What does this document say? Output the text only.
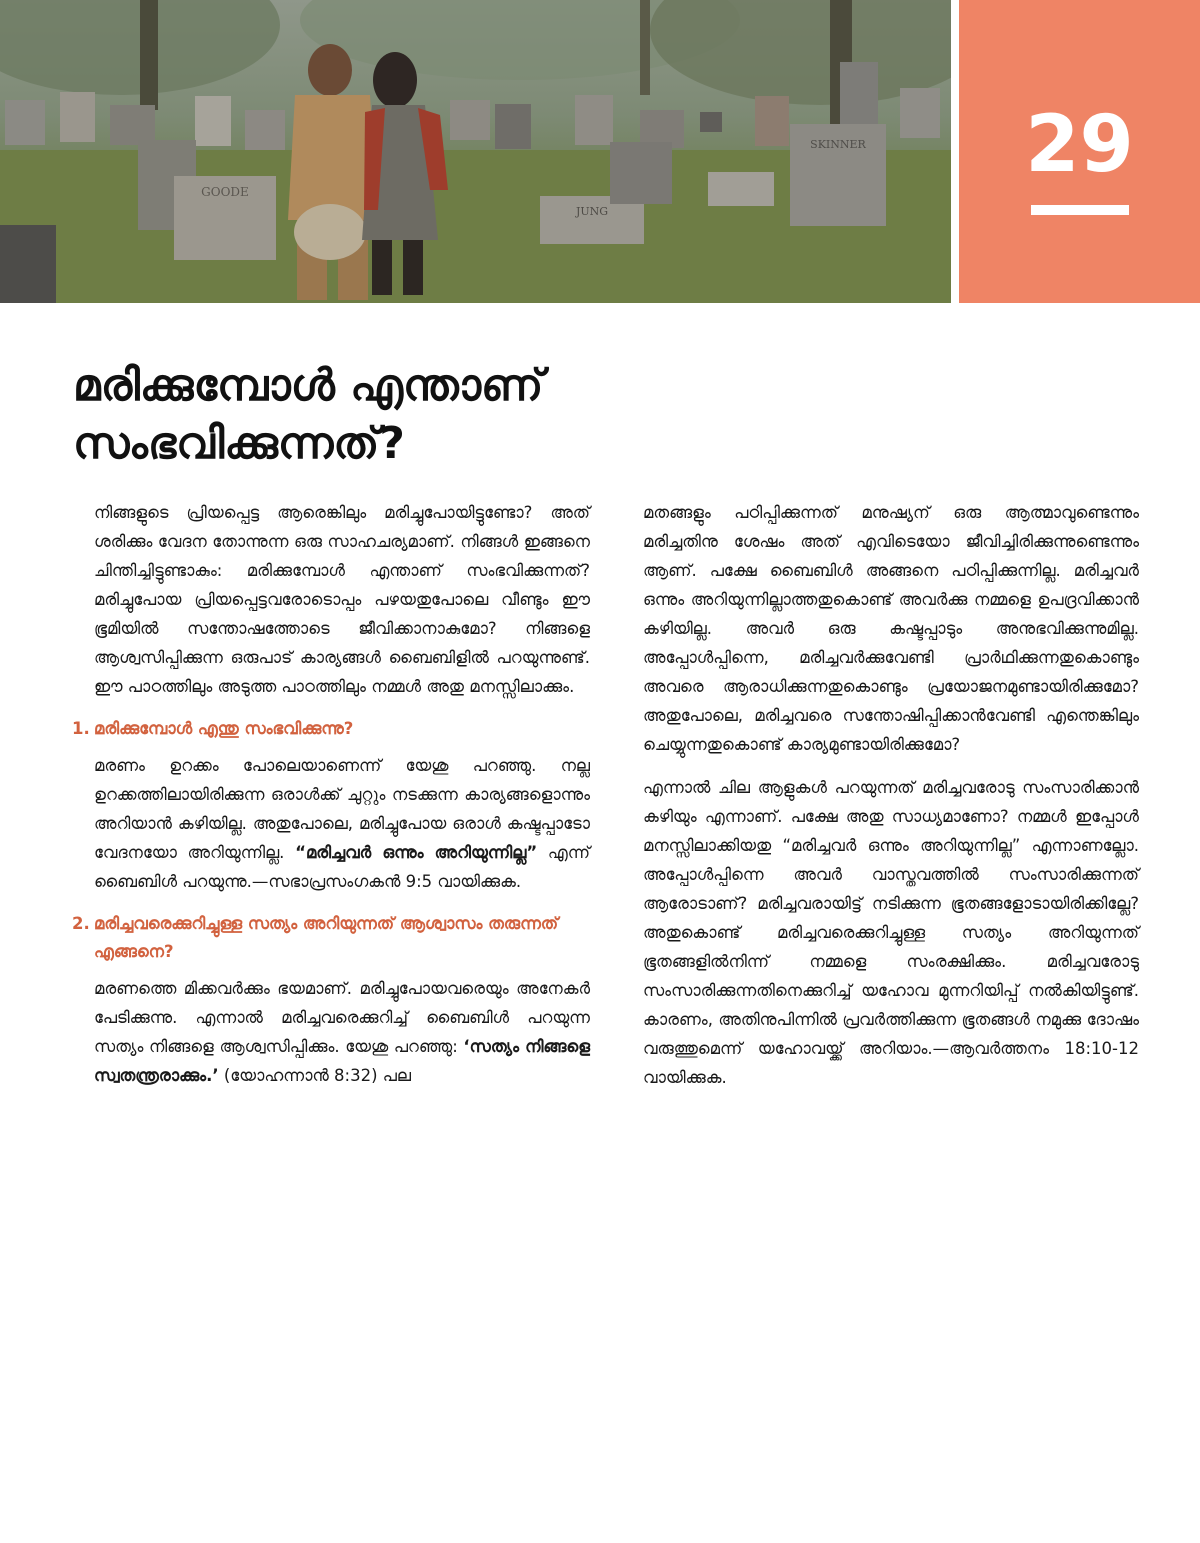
GOODE
JUNG
SKINNER	29
മരിക്കുമ്പോൾ എന്താണ്
സംഭവിക്കുന്നത്?

നിങ്ങളുടെ പ്രിയപ്പെട്ട ആരെങ്കിലും മരിച്ചുപോയിട്ടുണ്ടോ? അത് ശരിക്കും വേദന തോന്നുന്ന ഒരു സാഹചര്യമാണ്. നിങ്ങൾ ഇങ്ങനെ ചിന്തിച്ചിട്ടുണ്ടാകും: മരിക്കുമ്പോൾ എന്താണ് സംഭവിക്കുന്നത്? മരിച്ചുപോയ പ്രിയപ്പെട്ടവരോടൊപ്പം പഴയതുപോലെ വീണ്ടും ഈ ഭൂമിയിൽ സന്തോഷത്തോടെ ജീവിക്കാനാകുമോ? നിങ്ങളെ ആശ്വസിപ്പിക്കുന്ന ഒരുപാട് കാര്യങ്ങൾ ബൈബിളിൽ പറയുന്നുണ്ട്. ഈ പാഠത്തിലും അടുത്ത പാഠത്തിലും നമ്മൾ അതു മനസ്സിലാക്കും.

1. മരിക്കുമ്പോൾ എന്തു സംഭവിക്കുന്നു?

മരണം ഉറക്കം പോലെയാണെന്ന് യേശു പറഞ്ഞു. നല്ല ഉറക്കത്തിലായിരിക്കുന്ന ഒരാൾക്ക് ചുറ്റും നടക്കുന്ന കാര്യങ്ങളൊന്നും അറിയാൻ കഴിയില്ല. അതുപോലെ, മരിച്ചുപോയ ഒരാൾ കഷ്ടപ്പാടോ വേദനയോ അറിയുന്നില്ല. “മരിച്ചവർ ഒന്നും അറിയുന്നില്ല” എന്ന് ബൈബിൾ പറയുന്നു.—സഭാപ്രസംഗകൻ 9:5 വായിക്കുക.

2. മരിച്ചവരെക്കുറിച്ചുള്ള സത്യം അറിയുന്നത് ആശ്വാസം തരുന്നത് എങ്ങനെ?

മരണത്തെ മിക്കവർക്കും ഭയമാണ്. മരിച്ചുപോയവരെയും അനേകർ പേടിക്കുന്നു. എന്നാൽ മരിച്ചവരെക്കുറിച്ച് ബൈബിൾ പറയുന്ന സത്യം നിങ്ങളെ ആശ്വസിപ്പിക്കും. യേശു പറഞ്ഞു: ‘സത്യം നിങ്ങളെ സ്വതന്ത്രരാക്കും.’ (യോഹന്നാൻ 8:32) പല

മതങ്ങളും പഠിപ്പിക്കുന്നത് മനുഷ്യന് ഒരു ആത്മാവുണ്ടെന്നും മരിച്ചതിനു ശേഷം അത് എവിടെയോ ജീവിച്ചിരിക്കുന്നുണ്ടെന്നും ആണ്. പക്ഷേ ബൈബിൾ അങ്ങനെ പഠിപ്പിക്കുന്നില്ല. മരിച്ചവർ ഒന്നും അറിയുന്നില്ലാത്തതുകൊണ്ട് അവർക്കു നമ്മളെ ഉപദ്രവിക്കാൻ കഴിയില്ല. അവർ ഒരു കഷ്ടപ്പാടും അനുഭവിക്കുന്നുമില്ല. അപ്പോൾപ്പിന്നെ, മരിച്ചവർക്കുവേണ്ടി പ്രാർഥിക്കുന്നതുകൊണ്ടും അവരെ ആരാധിക്കുന്നതുകൊണ്ടും പ്രയോജനമുണ്ടായിരിക്കുമോ? അതുപോലെ, മരിച്ചവരെ സന്തോഷിപ്പിക്കാൻവേണ്ടി എന്തെങ്കിലും ചെയ്യുന്നതുകൊണ്ട് കാര്യമുണ്ടായിരിക്കുമോ?

എന്നാൽ ചില ആളുകൾ പറയുന്നത് മരിച്ചവരോടു സംസാരിക്കാൻ കഴിയും എന്നാണ്. പക്ഷേ അതു സാധ്യമാണോ? നമ്മൾ ഇപ്പോൾ മനസ്സിലാക്കിയതു “മരിച്ചവർ ഒന്നും അറിയുന്നില്ല” എന്നാണല്ലോ. അപ്പോൾപ്പിന്നെ അവർ വാസ്തവത്തിൽ സംസാരിക്കുന്നത് ആരോടാണ്? മരിച്ചവരായിട്ട് നടിക്കുന്ന ഭൂതങ്ങളോടായിരിക്കില്ലേ? അതുകൊണ്ട് മരിച്ചവരെക്കുറിച്ചുള്ള സത്യം അറിയുന്നത് ഭൂതങ്ങളിൽനിന്ന് നമ്മളെ സംരക്ഷിക്കും. മരിച്ചവരോടു സംസാരിക്കുന്നതിനെക്കുറിച്ച് യഹോവ മുന്നറിയിപ്പ് നൽകിയിട്ടുണ്ട്. കാരണം, അതിനുപിന്നിൽ പ്രവർത്തിക്കുന്ന ഭൂതങ്ങൾ നമുക്കു ദോഷം വരുത്തുമെന്ന് യഹോവയ്ക്ക് അറിയാം.—ആവർത്തനം 18:10-12 വായിക്കുക.
